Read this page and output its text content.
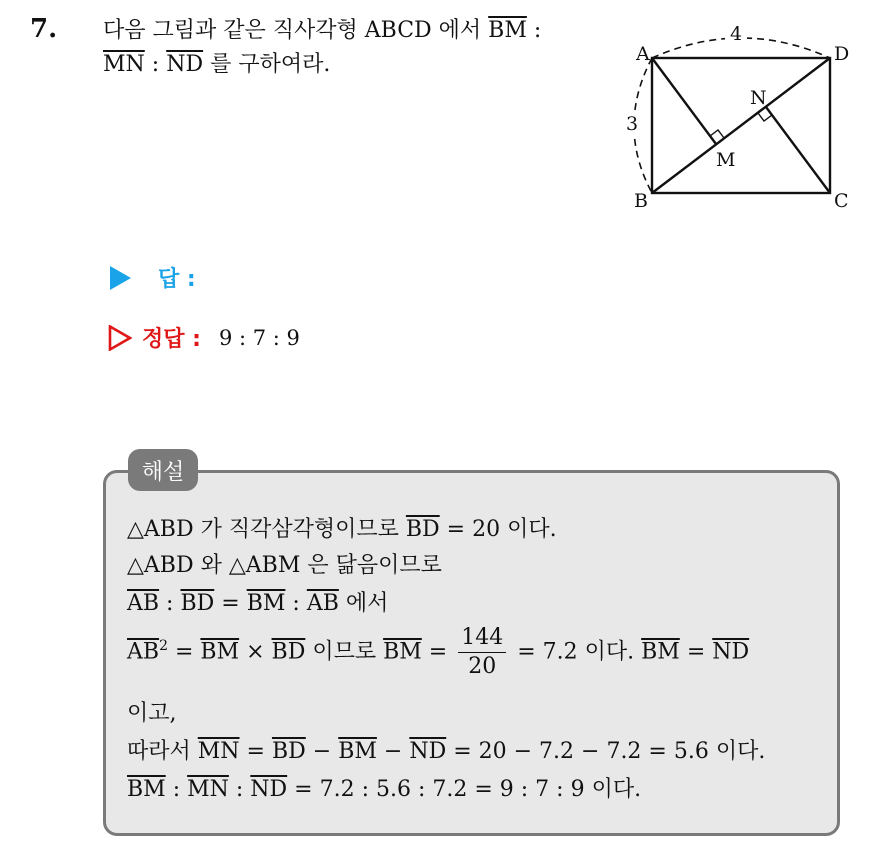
7. 다음 그림과 같은 직사각형 ABCD 에서 $\overline{BM}$ :
$\overline{MN}$ : $\overline{ND}$ 를 구하여라.	A
B	C
D
M
N
4
3
답 :
정답 : 9 : 7 : 9
해설
△ABD 가 직각삼각형이므로 $\overline{BD} = 20$ 이다.
△ABD 와 △ABM 은 닮음이므로
$\overline{AB}$ : $\overline{BD} = \overline{BM}$ : $\overline{AB}$ 에서
$\overline{AB}^2 = \overline{BM} \times \overline{BD}$ 이므로 $\overline{BM} = \frac{144}{20} = 7.2$ 이다. $\overline{BM} = \overline{ND}$
이고,
따라서 $\overline{MN} = \overline{BD} - \overline{BM} - \overline{ND} = 20 - 7.2 - 7.2 = 5.6$ 이다.
$\overline{BM}$ : $\overline{MN}$ : $\overline{ND} = 7.2$ : 5.6 : 7.2 = 9 : 7 : 9 이다.
